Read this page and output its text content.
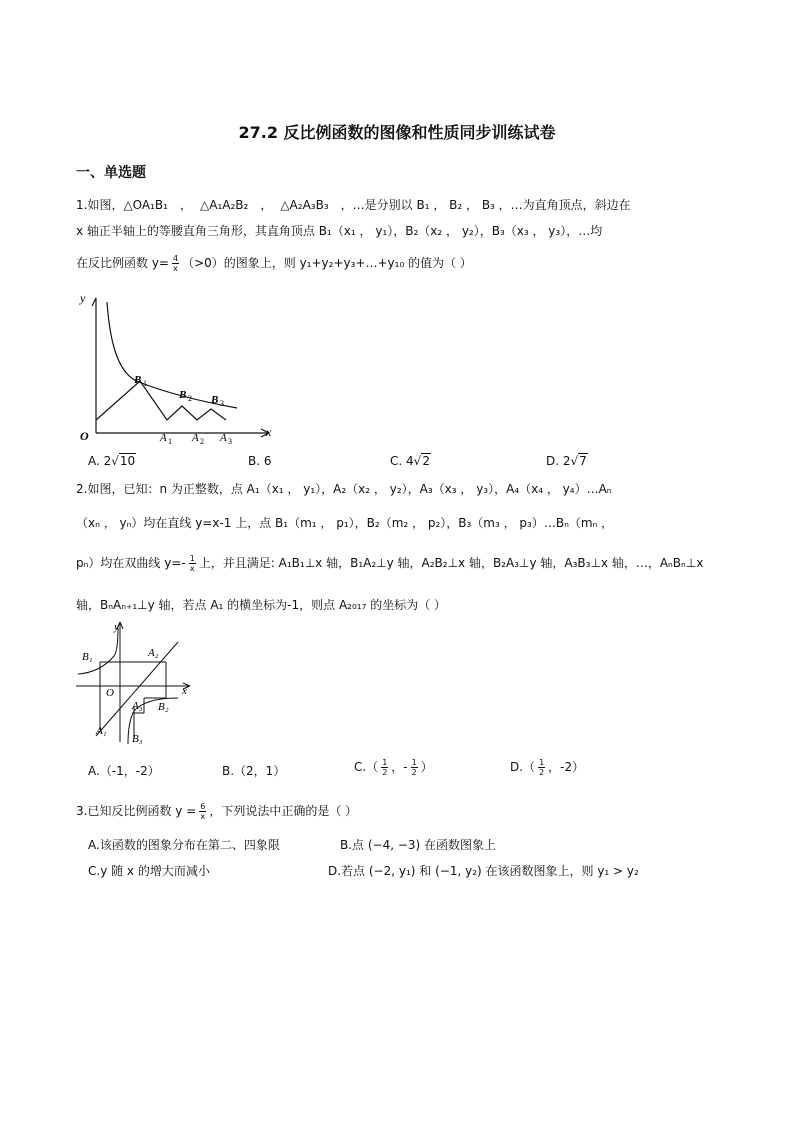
27.2 反比例函数的图像和性质同步训练试卷
一、单选题
1.如图，△OA₁B₁ ， △A₁A₂B₂ ， △A₂A₃B₃ ，…是分别以 B₁ ， B₂ ， B₃ ，…为直角顶点，斜边在
x 轴正半轴上的等腰直角三角形，其直角顶点 B₁（x₁ ， y₁），B₂（x₂ ， y₂），B₃（x₃ ， y₃），…均
在反比例函数 $y= \frac{4}{x} (>0)$的图象上，则 y₁+y₂+y₃+…+y₁₀ 的值为（ ）
y
x
O
B 1
B 2 B 3
A 1 A 2 A 3
A. 2√10	B. 6	C. 4√2	D. 2√7
2.如图，已知：n 为正整数，点 A₁（x₁ ， y₁），A₂（x₂ ， y₂），A₃（x₃ ， y₃），A₄（x₄ ， y₄）…Aₙ
（xₙ ， yₙ）均在直线 y=x-1 上，点 B₁（m₁ ， p₁），B₂（m₂ ， p₂），B₃（m₃ ， p₃）…Bₙ（mₙ ，
pₙ）均在双曲线 $y=- \frac{1}{x}$ 上，并且满足: A₁B₁⊥x 轴，B₁A₂⊥y 轴，A₂B₂⊥x 轴，B₂A₃⊥y 轴，A₃B₃⊥x 轴，…，AₙBₙ⊥x
轴，BₙAₙ₊₁⊥y 轴，若点 A₁ 的横坐标为-1，则点 A₂₀₁₇ 的坐标为（ ）
y
x
O
B₁	A₂
A₃ B₂
A₁
B₃
A.（-1，-2）	B.（2，1）	$C.( \frac{1}{2}$ ，- $\frac{1}{2}$ ）	$D.( \frac{1}{2}$ ，-2）
3.已知反比例函数 $y = \frac{6}{x}$ ，下列说法中正确的是（ ）
A.该函数的图象分布在第二、四象限	B.点 (−4, −3) 在函数图象上
C.y 随 x 的增大而减小	D.若点 (−2, y₁) 和 (−1, y₂) 在该函数图象上，则 y₁ > y₂
